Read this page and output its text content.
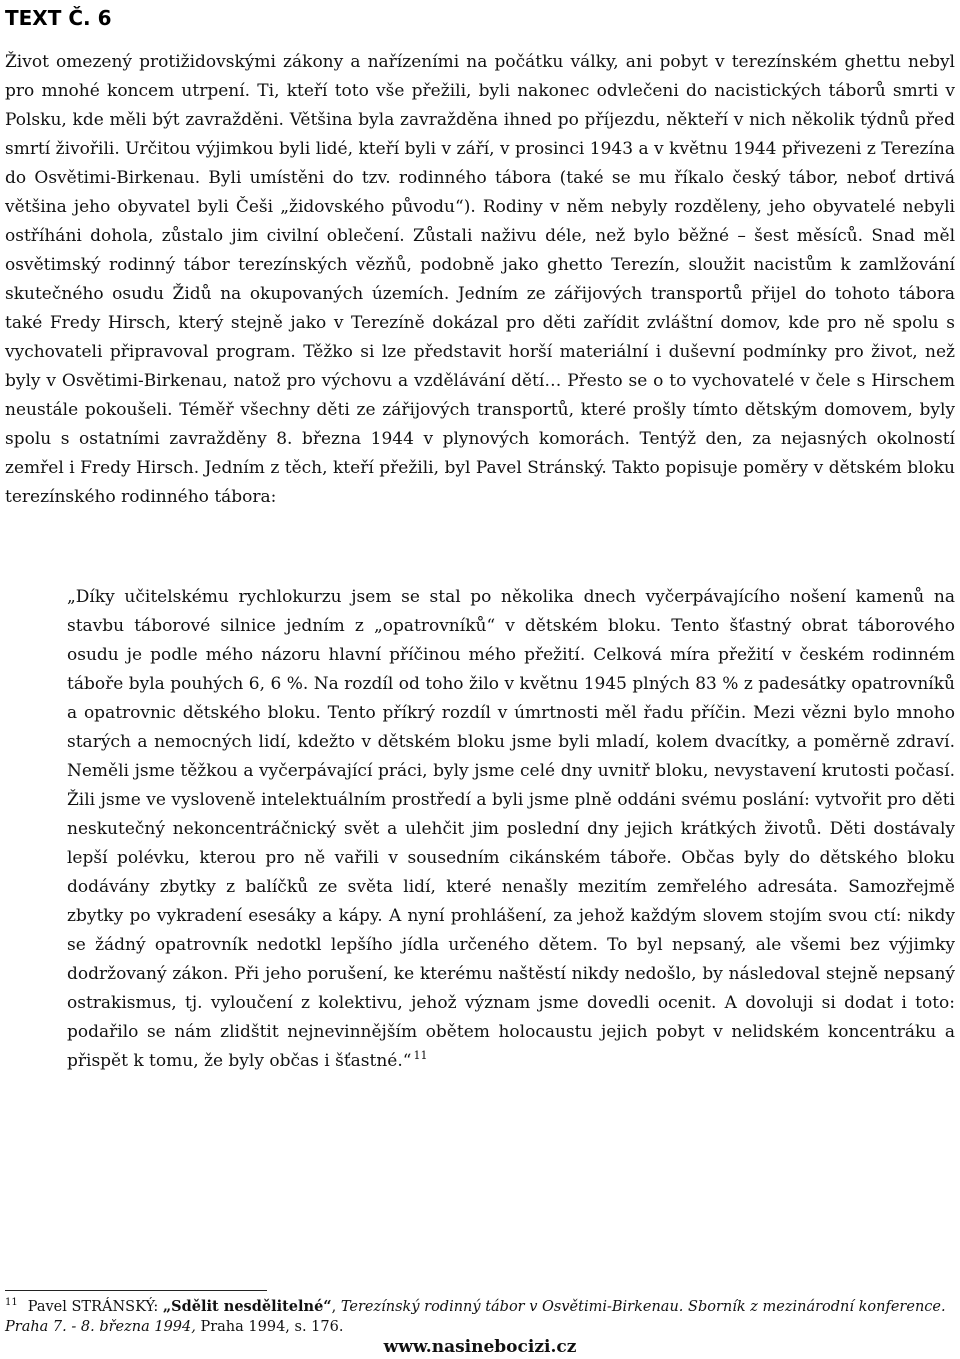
TEXT Č. 6

Život omezený protižidovskými zákony a nařízeními na počátku války, ani pobyt v terezínském ghettu nebyl pro mnohé koncem utrpení. Ti, kteří toto vše přežili, byli nakonec odvlečeni do nacistických táborů smrti v Polsku, kde měli být zavražděni. Většina byla zavražděna ihned po příjezdu, někteří v nich několik týdnů před smrtí živořili. Určitou výjimkou byli lidé, kteří byli v září, v prosinci 1943 a v květnu 1944 přivezeni z Terezína do Osvětimi-Birkenau. Byli umístěni do tzv. rodinného tábora (také se mu říkalo český tábor, neboť drtivá většina jeho obyvatel byli Češi „židovského původu“). Rodiny v něm nebyly rozděleny, jeho obyvatelé nebyli ostříháni dohola, zůstalo jim civilní oblečení. Zůstali naživu déle, než bylo běžné – šest měsíců. Snad měl osvětimský rodinný tábor terezínských vězňů, podobně jako ghetto Terezín, sloužit nacistům k zamlžování skutečného osudu Židů na okupovaných územích. Jedním ze zářijových transportů přijel do tohoto tábora také Fredy Hirsch, který stejně jako v Terezíně dokázal pro děti zařídit zvláštní domov, kde pro ně spolu s vychovateli připravoval program. Těžko si lze představit horší materiální i duševní podmínky pro život, než byly v Osvětimi-Birkenau, natož pro výchovu a vzdělávání dětí… Přesto se o to vychovatelé v čele s Hirschem neustále pokoušeli. Téměř všechny děti ze zářijových transportů, které prošly tímto dětským domovem, byly spolu s ostatními zavražděny 8. března 1944 v plynových komorách. Tentýž den, za nejasných okolností zemřel i Fredy Hirsch. Jedním z těch, kteří přežili, byl Pavel Stránský. Takto popisuje poměry v dětském bloku terezínského rodinného tábora:

„Díky učitelskému rychlokurzu jsem se stal po několika dnech vyčerpávajícího nošení kamenů na stavbu táborové silnice jedním z „opatrovníků“ v dětském bloku. Tento šťastný obrat táborového osudu je podle mého názoru hlavní příčinou mého přežití. Celková míra přežití v českém rodinném táboře byla pouhých 6, 6 %. Na rozdíl od toho žilo v květnu 1945 plných 83 % z padesátky opatrovníků a opatrovnic dětského bloku. Tento příkrý rozdíl v úmrtnosti měl řadu příčin. Mezi vězni bylo mnoho starých a nemocných lidí, kdežto v dětském bloku jsme byli mladí, kolem dvacítky, a poměrně zdraví. Neměli jsme těžkou a vyčerpávající práci, byly jsme celé dny uvnitř bloku, nevystavení krutosti počasí. Žili jsme ve vysloveně intelektuálním prostředí a byli jsme plně oddáni svému poslání: vytvořit pro děti neskutečný nekoncentráčnický svět a ulehčit jim poslední dny jejich krátkých životů. Děti dostávaly lepší polévku, kterou pro ně vařili v sousedním cikánském táboře. Občas byly do dětského bloku dodávány zbytky z balíčků ze světa lidí, které nenašly mezitím zemřelého adresáta. Samozřejmě zbytky po vykradení esesáky a kápy. A nyní prohlášení, za jehož každým slovem stojím svou ctí: nikdy se žádný opatrovník nedotkl lepšího jídla určeného dětem. To byl nepsaný, ale všemi bez výjimky dodržovaný zákon. Při jeho porušení, ke kterému naštěstí nikdy nedošlo, by následoval stejně nepsaný ostrakismus, tj. vyloučení z kolektivu, jehož význam jsme dovedli ocenit. A dovoluji si dodat i toto: podařilo se nám zlidštit nejnevinnějším obětem holocaustu jejich pobyt v nelidském koncentráku a přispět k tomu, že byly občas i šťastné.“ $^{11}$

$^{11}$ Pavel STRÁNSKÝ: „Sdělit nesdělitelné“, Terezínský rodinný tábor v Osvětimi-Birkenau. Sborník z mezinárodní konference. Praha 7. - 8. března 1994, Praha 1994, s. 176.

www.nasinebocizi.cz
